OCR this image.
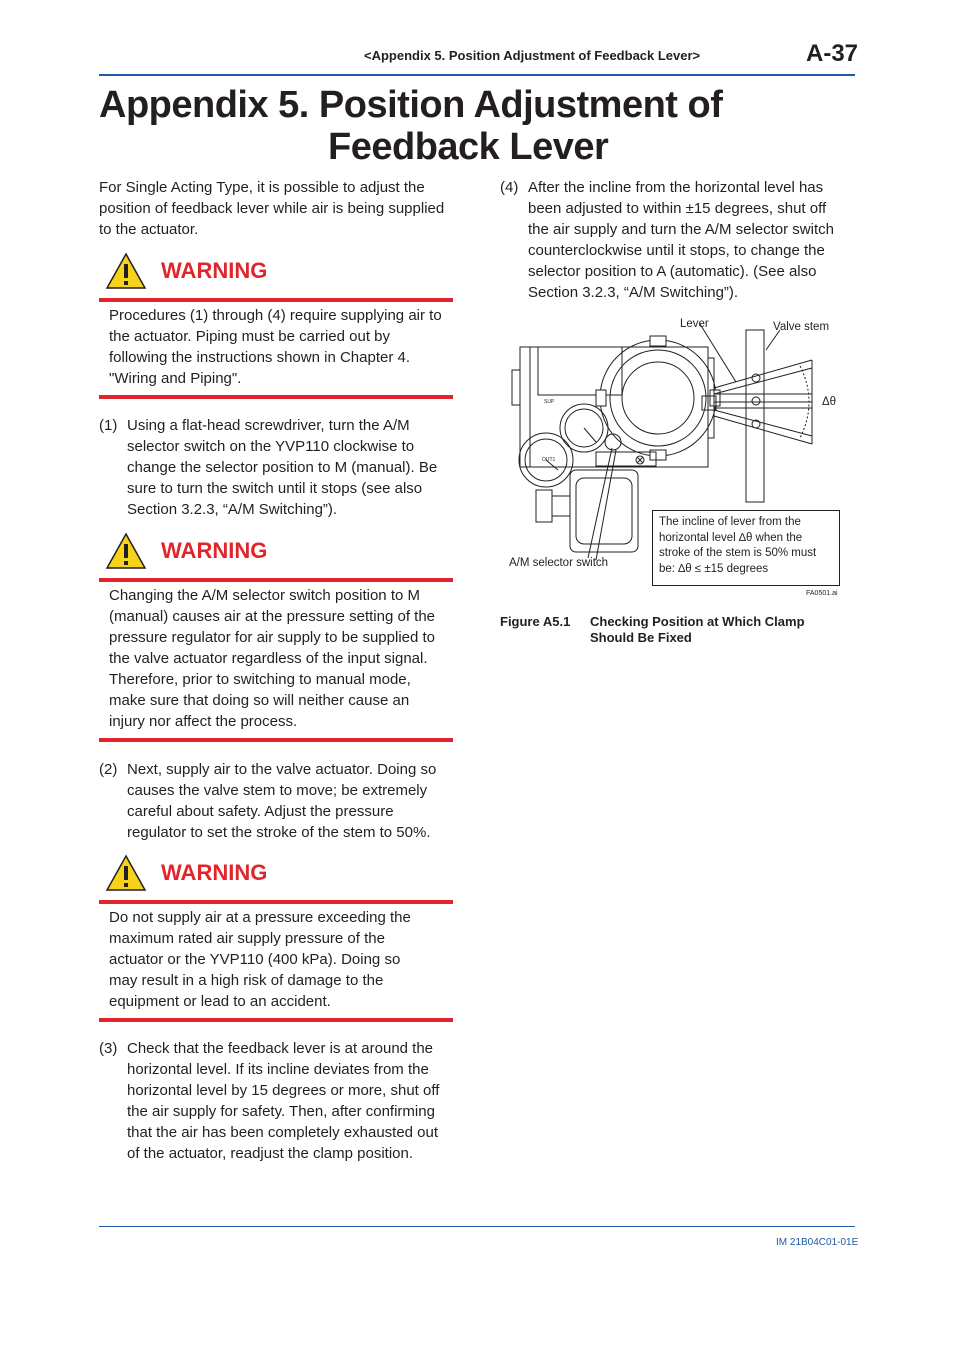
<Appendix 5. Position Adjustment of Feedback Lever>	A-37
Appendix 5. Position Adjustment of
Feedback Lever
For Single Acting Type, it is possible to adjust the position of feedback lever while air is being supplied to the actuator.
WARNING
Procedures (1) through (4) require supplying air to the actuator. Piping must be carried out by following the instructions shown in Chapter 4. "Wiring and Piping".
(1) Using a flat-head screwdriver, turn the A/M selector switch on the YVP110 clockwise to change the selector position to M (manual). Be sure to turn the switch until it stops (see also Section 3.2.3, “A/M Switching”).
WARNING
Changing the A/M selector switch position to M (manual) causes air at the pressure setting of the pressure regulator for air supply to be supplied to the valve actuator regardless of the input signal. Therefore, prior to switching to manual mode, make sure that doing so will neither cause an injury nor affect the process.
(2) Next, supply air to the valve actuator. Doing so causes the valve stem to move; be extremely careful about safety. Adjust the pressure regulator to set the stroke of the stem to 50%.
WARNING
Do not supply air at a pressure exceeding the maximum rated air supply pressure of the actuator or the YVP110 (400 kPa). Doing so may result in a high risk of damage to the equipment or lead to an accident.
(3) Check that the feedback lever is at around the horizontal level. If its incline deviates from the horizontal level by 15 degrees or more, shut off the air supply for safety. Then, after confirming that the air has been completely exhausted out of the actuator, readjust the clamp position.
(4) After the incline from the horizontal level has been adjusted to within ±15 degrees, shut off the air supply and turn the A/M selector switch counterclockwise until it stops, to change the selector position to A (automatic). (See also Section 3.2.3, “A/M Switching”).
SUP
OUT1
Lever	Valve stem
Δθ
A/M selector switch
The incline of lever from the horizontal level ∆θ when the stroke of the stem is 50% must be: ∆θ ≤ ±15 degrees
FA0501.ai
Figure A5.1 Checking Position at Which Clamp Should Be Fixed
IM 21B04C01-01E
